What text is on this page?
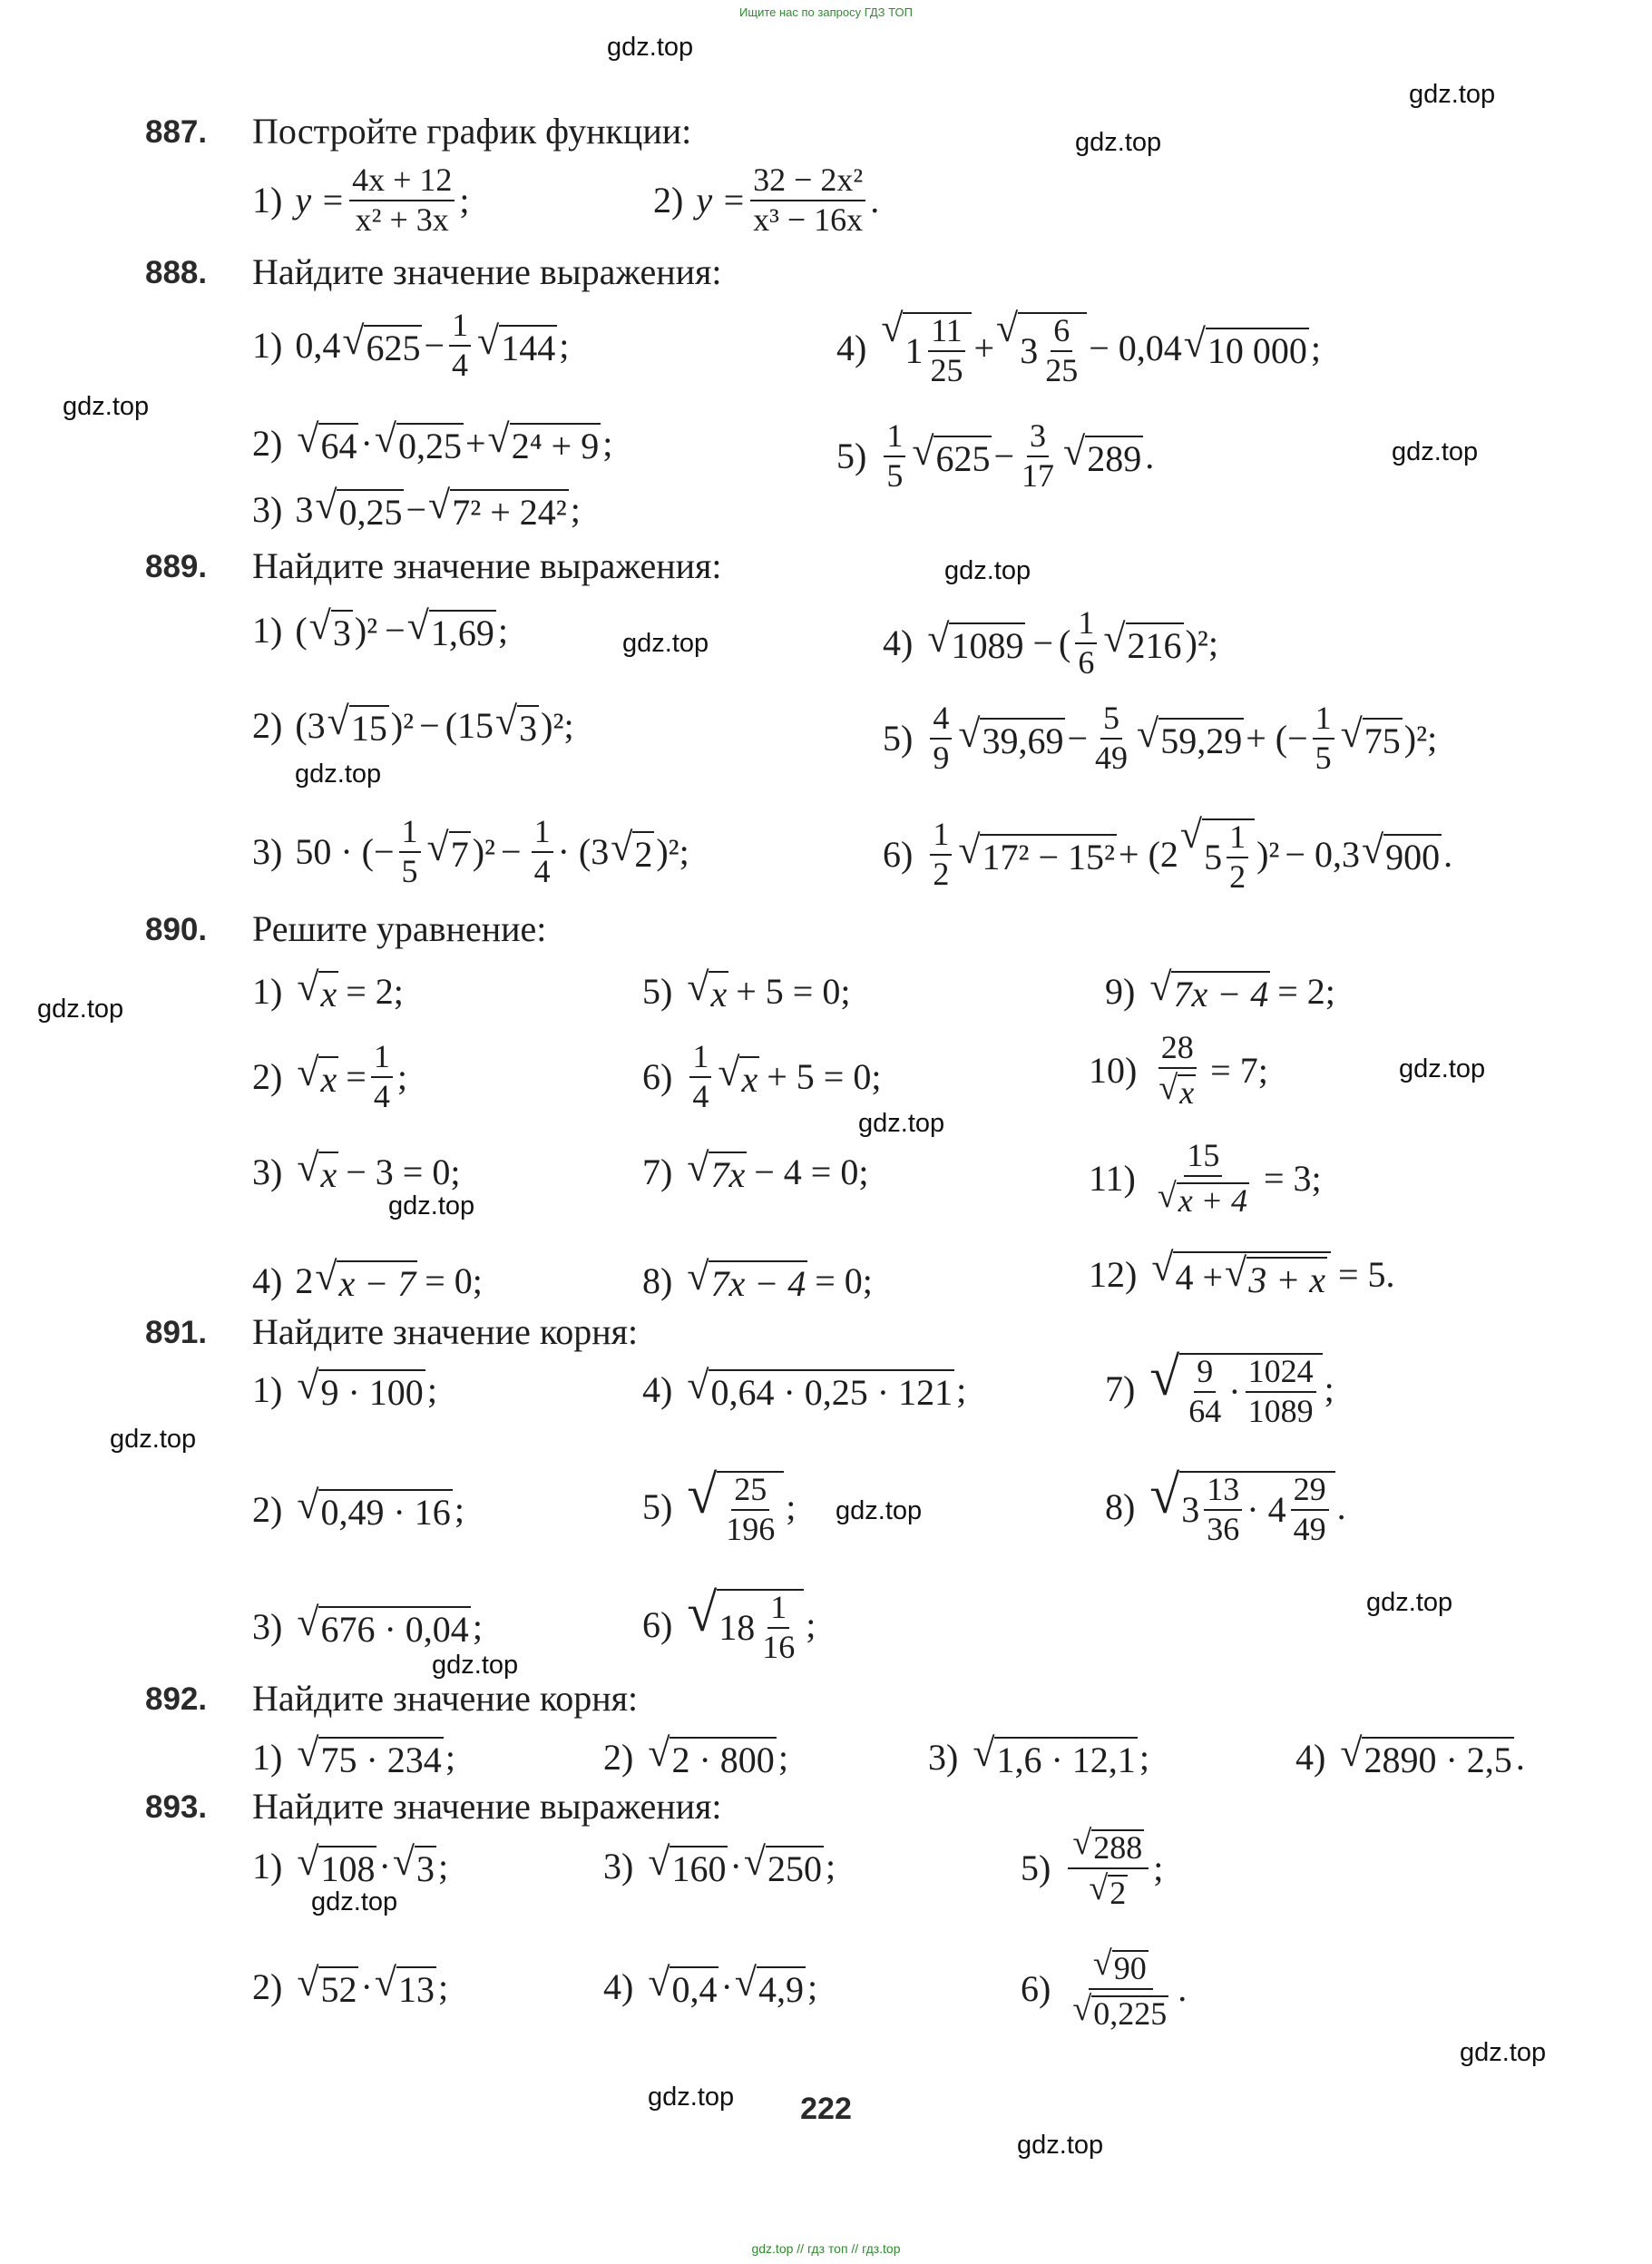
Ищите нас по запросу ГДЗ ТОП
gdz.top // гдз топ // гдз.top
gdz.top
gdz.top
gdz.top
gdz.top
gdz.top
gdz.top
gdz.top
gdz.top
gdz.top
gdz.top
gdz.top
gdz.top
gdz.top
gdz.top
gdz.top
gdz.top
gdz.top
gdz.top
gdz.top
gdz.top
887. Постройте график функции:
1) $y = \frac{4x + 12}{\text{x² + 3x}}$ ;	2) $y = \frac{\text{32 − 2x²}}{\text{x³ − 16x}}$ .
888. Найдите значение выражения:
1) 0,4 √ $625 - \frac{1}{4}$ √ 144 ;
2) √ 64 · √ 0,25 + √ 2⁴ + 9 ;
3) 3 √ 0,25 − √ 7² + 24² ;
4) √
$1 \frac{11}{25}$ + √
$3 \frac{6}{25} - 0,04$ √ 10 000 ;
$5) \frac{1}{5}$ √ $625 - \frac{3}{17}$ √ 289 .
889. Найдите значение выражения:
1) ( √ 3 )² − √ 1,69 ;
2) (3 √ 15 )² − (15 √ 3 )² ;
3) 50 · (− $\frac{1}{5}$ √ 7 )$^2 - \frac{1}{4} \cdot (3$ √ 2 )² ;
4) √ 1089 − ( $\frac{1}{6}$ √ 216 )² ;
$5) \frac{4}{9}$ √ $39,69 - \frac{5}{49}$ √ 59,29 + (− $\frac{1}{5}$ √ 75 )² ;
$6) \frac{1}{2}$ √ 17² − 15² + (2 √
$5 \frac{1}{2} )^2 - 0,3$ √ 900 .
890. Решите уравнение:
1) √ x = 2;
2) √ $x = \frac{1}{4}$ ;
3) √ x − 3 = 0;
4) 2 √ x − 7 = 0;
5) √ x + 5 = 0;
$6) \frac{1}{4}$ √ x + 5 = 0;
7) √ 7x − 4 = 0;
8) √ 7x − 4 = 0;
9) √ 7x − 4 = 2;
$10) \frac{28}{√ x} = 7$;
$11) \frac{15}{√ x + 4} = 3$;
12) √ 4 + √ 3 + x = 5.
891. Найдите значение корня:
1) √ 9 · 100 ;
2) √ 0,49 · 16 ;
3) √ 676 · 0,04 ;
4) √ 0,64 · 0,25 · 121 ;
5) √ $\frac{25}{196}$ ;
6) √ $18 \frac{1}{16}$ ;
7) √ $\frac{9}{64} \cdot \frac{1024}{1089}$ ;
8) √ $3 \frac{13}{36} \cdot 4 \frac{29}{49}$ .
892. Найдите значение корня:
1) √ 75 · 234 ;	2) √ 2 · 800 ;	3) √ 1,6 · 12,1 ;	4) √ 2890 · 2,5 .
893. Найдите значение выражения:
1) √ 108 · √ 3 ;
2) √ 52 · √ 13 ;
3) √ 160 · √ 250 ;
4) √ 0,4 · √ 4,9 ;
$5) \frac{√ 288}{√ 2}$ ;
$6) \frac{√ 90}{√ 0,225}$ .
222
